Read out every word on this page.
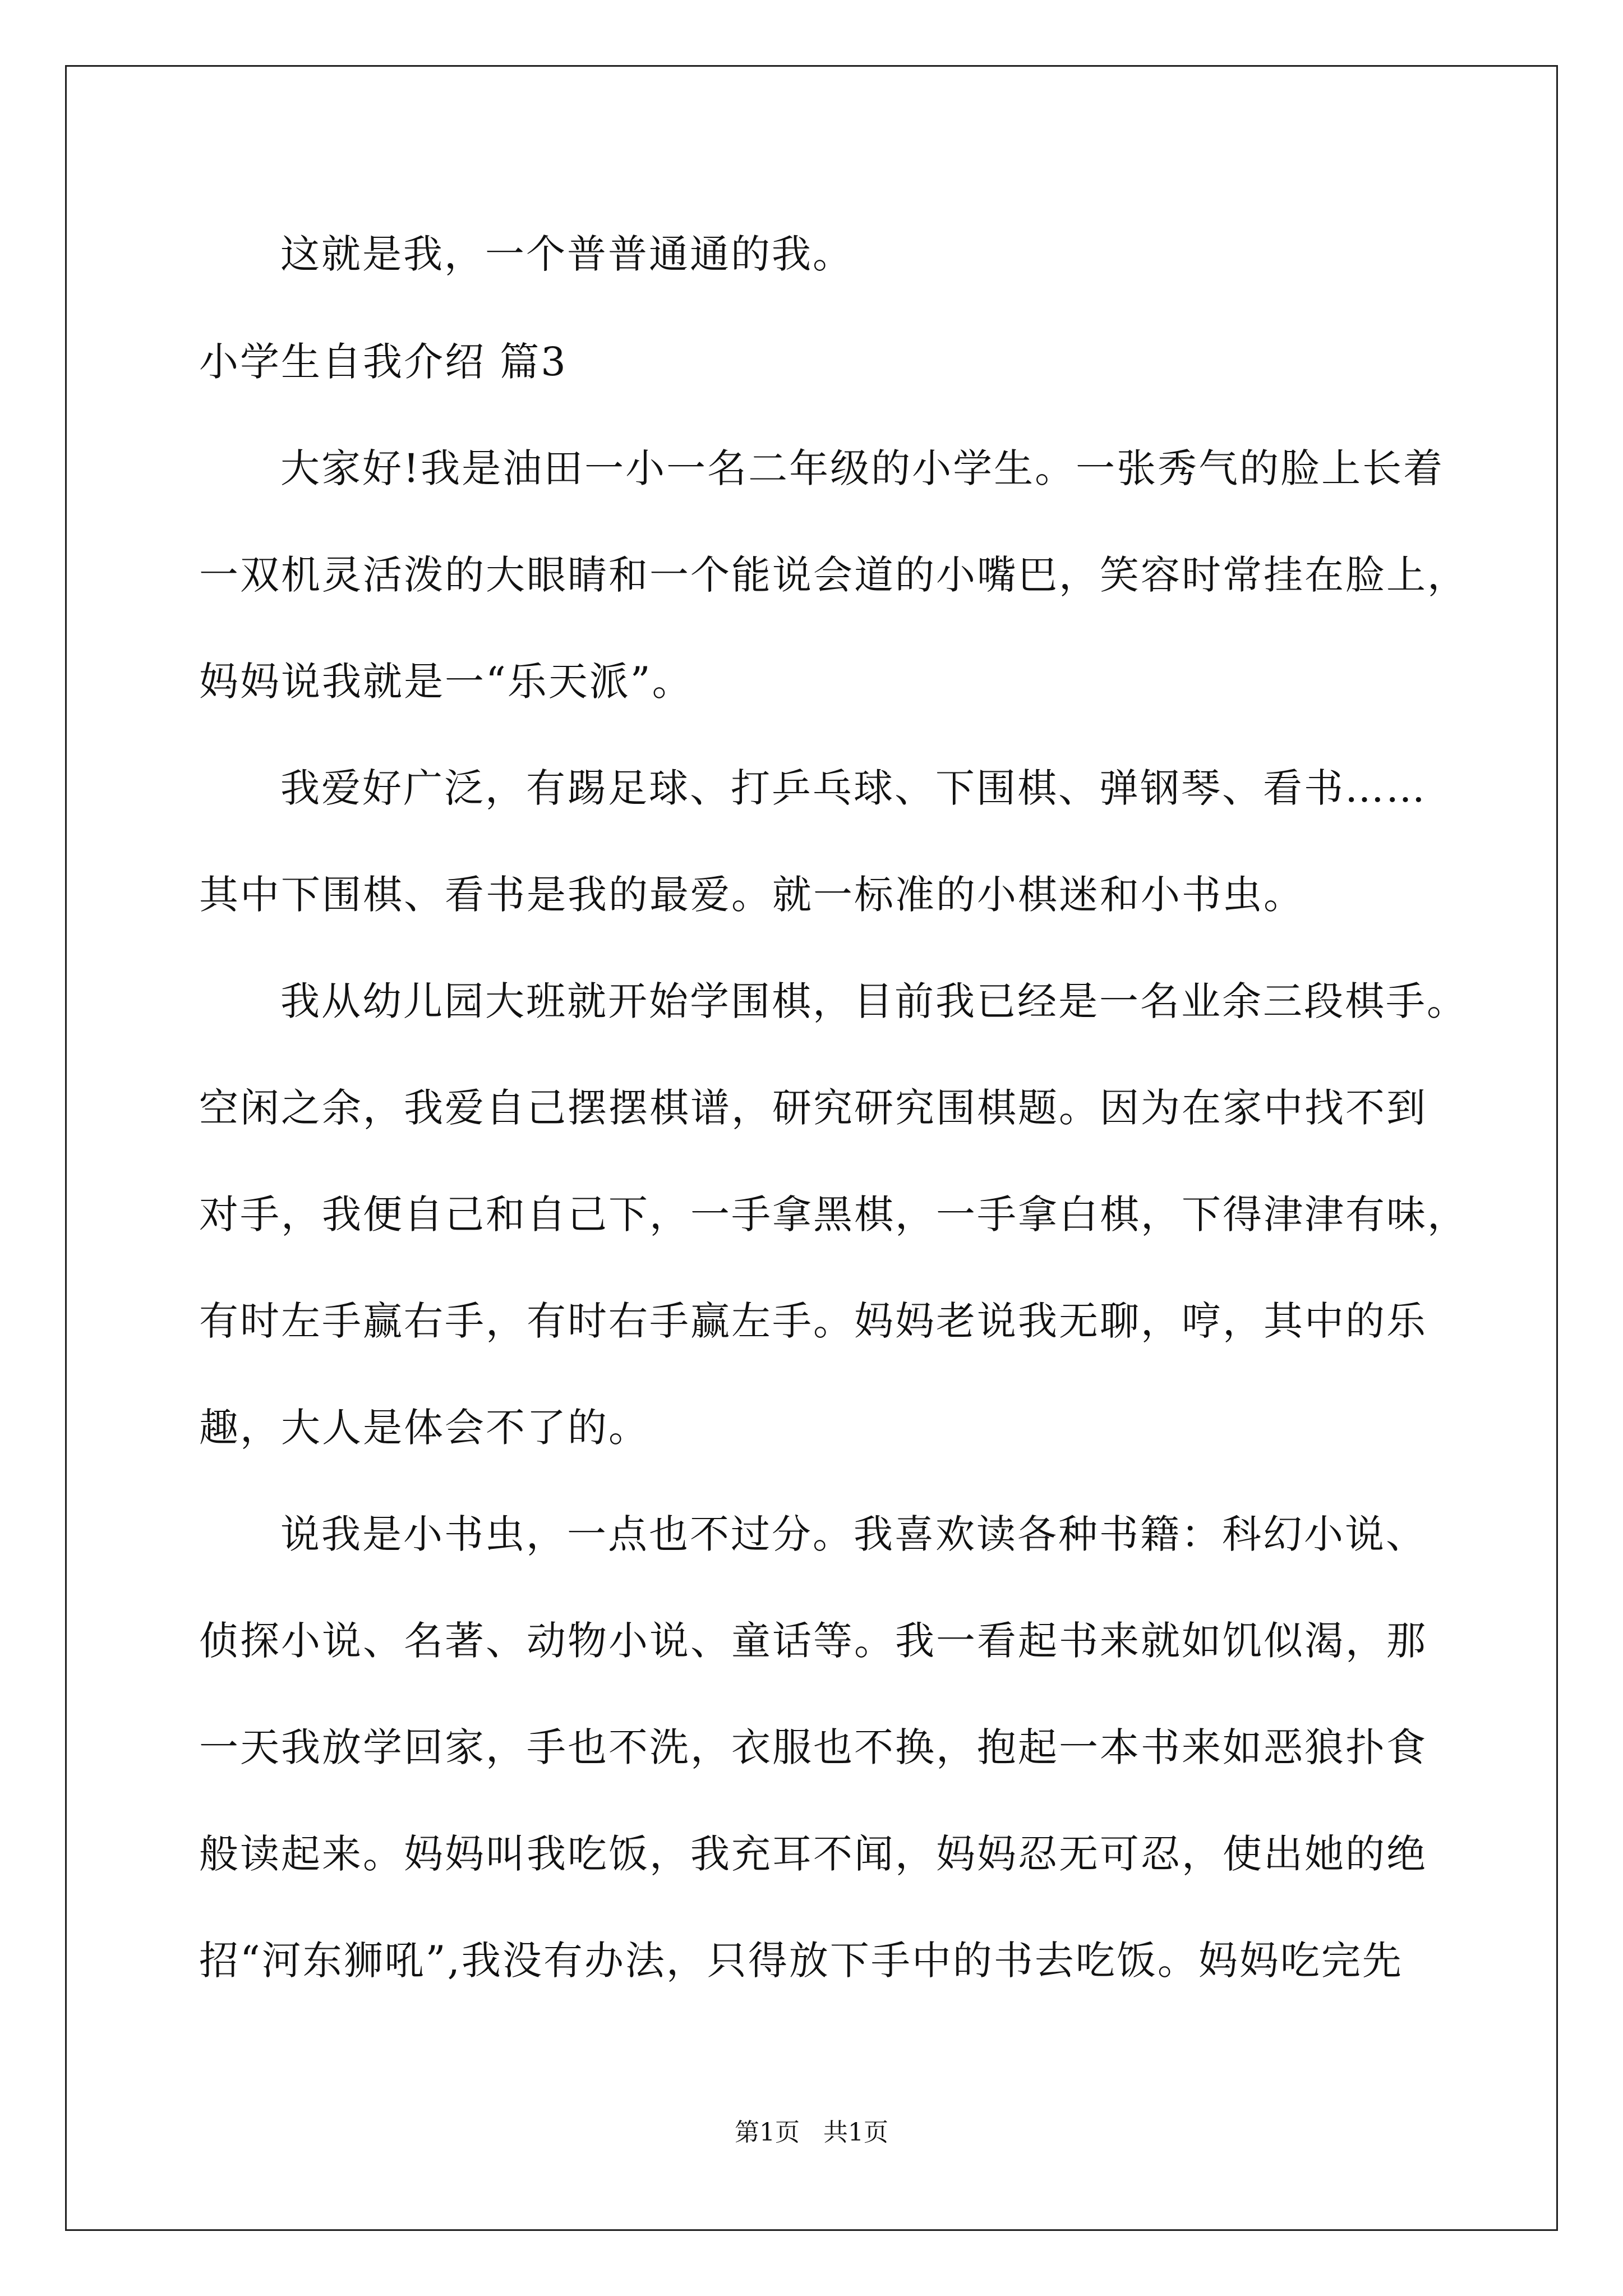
这就是我，一个普普通通的我。
小学生自我介绍 篇3
大家好!我是油田一小一名二年级的小学生。一张秀气的脸上长着
一双机灵活泼的大眼睛和一个能说会道的小嘴巴，笑容时常挂在脸上，
妈妈说我就是一“乐天派”。
我爱好广泛，有踢足球、打乒乓球、下围棋、弹钢琴、看书……
其中下围棋、看书是我的最爱。就一标准的小棋迷和小书虫。
我从幼儿园大班就开始学围棋，目前我已经是一名业余三段棋手。
空闲之余，我爱自己摆摆棋谱，研究研究围棋题。因为在家中找不到
对手，我便自己和自己下，一手拿黑棋，一手拿白棋，下得津津有味，
有时左手赢右手，有时右手赢左手。妈妈老说我无聊，哼，其中的乐
趣，大人是体会不了的。
说我是小书虫，一点也不过分。我喜欢读各种书籍：科幻小说、
侦探小说、名著、动物小说、童话等。我一看起书来就如饥似渴，那
一天我放学回家，手也不洗，衣服也不换，抱起一本书来如恶狼扑食
般读起来。妈妈叫我吃饭，我充耳不闻，妈妈忍无可忍，使出她的绝
招“河东狮吼”,我没有办法，只得放下手中的书去吃饭。妈妈吃完先
第1页   共1页
